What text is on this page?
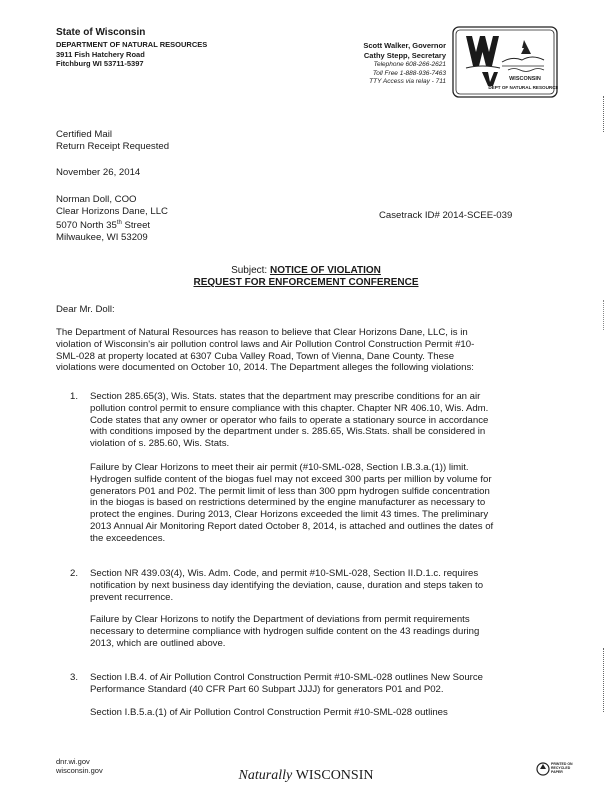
State of Wisconsin
DEPARTMENT OF NATURAL RESOURCES
3911 Fish Hatchery Road
Fitchburg WI 53711-5397
Scott Walker, Governor
Cathy Stepp, Secretary
Telephone 608-266-2621
Toll Free 1-888-936-7463
TTY Access via relay - 711	WISCONSIN
DEPT OF NATURAL RESOURCES
Certified Mail
Return Receipt Requested
November 26, 2014
Norman Doll, COO
Clear Horizons Dane, LLC
5070 North 35th Street
Milwaukee, WI 53209
Casetrack ID# 2014-SCEE-039
Subject: NOTICE OF VIOLATION
REQUEST FOR ENFORCEMENT CONFERENCE
Dear Mr. Doll:
The Department of Natural Resources has reason to believe that Clear Horizons Dane, LLC, is in
violation of Wisconsin's air pollution control laws and Air Pollution Control Construction Permit #10-
SML-028 at property located at 6307 Cuba Valley Road, Town of Vienna, Dane County. These
violations were documented on October 10, 2014. The Department alleges the following violations:
1. Section 285.65(3), Wis. Stats. states that the department may prescribe conditions for an air
pollution control permit to ensure compliance with this chapter. Chapter NR 406.10, Wis. Adm.
Code states that any owner or operator who fails to operate a stationary source in accordance
with conditions imposed by the department under s. 285.65, Wis.Stats. shall be considered in
violation of s. 285.60, Wis. Stats.
Failure by Clear Horizons to meet their air permit (#10-SML-028, Section I.B.3.a.(1)) limit.
Hydrogen sulfide content of the biogas fuel may not exceed 300 parts per million by volume for
generators P01 and P02. The permit limit of less than 300 ppm hydrogen sulfide concentration
in the biogas is based on restrictions determined by the engine manufacturer as necessary to
protect the engines. During 2013, Clear Horizons exceeded the limit 43 times. The preliminary
2013 Annual Air Monitoring Report dated October 8, 2014, is attached and outlines the dates of
the exceedences.
2. Section NR 439.03(4), Wis. Adm. Code, and permit #10-SML-028, Section II.D.1.c. requires
notification by next business day identifying the deviation, cause, duration and steps taken to
prevent recurrence.
Failure by Clear Horizons to notify the Department of deviations from permit requirements
necessary to determine compliance with hydrogen sulfide content on the 43 readings during
2013, which are outlined above.
3. Section I.B.4. of Air Pollution Control Construction Permit #10-SML-028 outlines New Source
Performance Standard (40 CFR Part 60 Subpart JJJJ) for generators P01 and P02.
Section I.B.5.a.(1) of Air Pollution Control Construction Permit #10-SML-028 outlines
dnr.wi.gov
wisconsin.gov	Naturally WISCONSIN
PRINTED ON RECYCLED PAPER
